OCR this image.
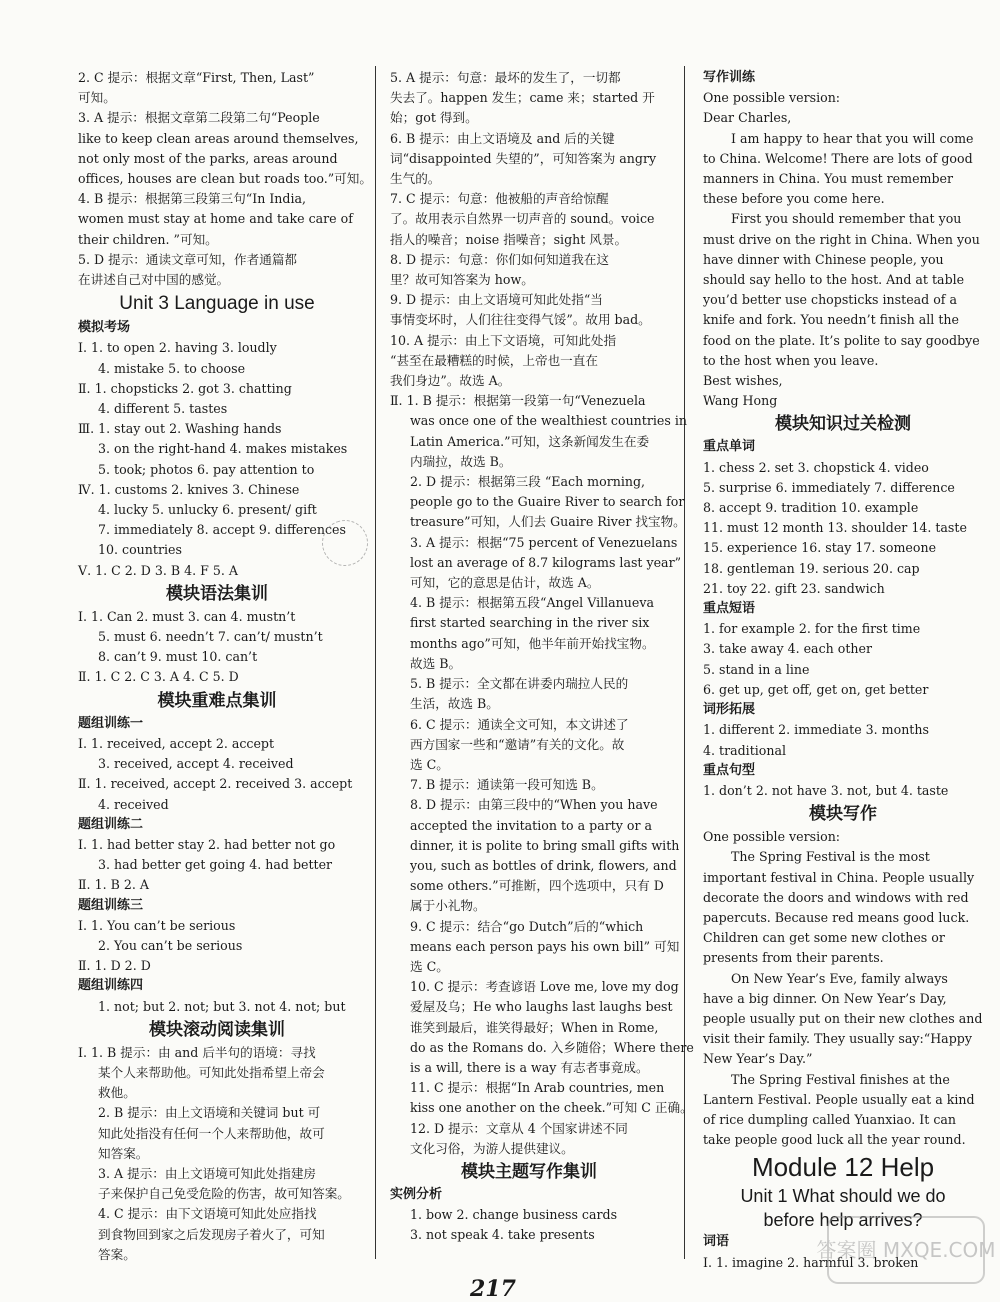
2. C 提示：根据文章“First, Then, Last”
可知。
3. A 提示：根据文章第二段第二句“People
like to keep clean areas around themselves,
not only most of the parks, areas around
offices, houses are clean but roads too.”可知。
4. B 提示：根据第三段第三句“In India,
women must stay at home and take care of
their children. ”可知。
5. D 提示：通读文章可知，作者通篇都
在讲述自己对中国的感觉。
Unit 3 Language in use
模拟考场
Ⅰ. 1. to open 2. having 3. loudly
4. mistake 5. to choose
Ⅱ. 1. chopsticks 2. got 3. chatting
4. different 5. tastes
Ⅲ. 1. stay out 2. Washing hands
3. on the right-hand 4. makes mistakes
5. took; photos 6. pay attention to
Ⅳ. 1. customs 2. knives 3. Chinese
4. lucky 5. unlucky 6. present/ gift
7. immediately 8. accept 9. differences
10. countries
Ⅴ. 1. C 2. D 3. B 4. F 5. A
模块语法集训
Ⅰ. 1. Can 2. must 3. can 4. mustn’t
5. must 6. needn’t 7. can’t/ mustn’t
8. can’t 9. must 10. can’t
Ⅱ. 1. C 2. C 3. A 4. C 5. D
模块重难点集训
题组训练一
Ⅰ. 1. received, accept 2. accept
3. received, accept 4. received
Ⅱ. 1. received, accept 2. received 3. accept
4. received
题组训练二
Ⅰ. 1. had better stay 2. had better not go
3. had better get going 4. had better
Ⅱ. 1. B 2. A
题组训练三
Ⅰ. 1. You can’t be serious
2. You can’t be serious
Ⅱ. 1. D 2. D
题组训练四
1. not; but 2. not; but 3. not 4. not; but
模块滚动阅读集训
Ⅰ. 1. B 提示：由 and 后半句的语境：寻找
某个人来帮助他。可知此处指希望上帝会
救他。
2. B 提示：由上文语境和关键词 but 可
知此处指没有任何一个人来帮助他，故可
知答案。
3. A 提示：由上文语境可知此处指建房
子来保护自己免受危险的伤害，故可知答案。
4. C 提示：由下文语境可知此处应指找
到食物回到家之后发现房子着火了，可知
答案。
5. A 提示：句意：最坏的发生了，一切都
失去了。happen 发生；came 来；started 开
始；got 得到。
6. B 提示：由上文语境及 and 后的关键
词“disappointed 失望的”，可知答案为 angry
生气的。
7. C 提示：句意：他被船的声音给惊醒
了。故用表示自然界一切声音的 sound。voice
指人的噪音；noise 指噪音；sight 风景。
8. D 提示：句意：你们如何知道我在这
里？故可知答案为 how。
9. D 提示：由上文语境可知此处指“当
事情变坏时，人们往往变得气馁”。故用 bad。
10. A 提示：由上下文语境，可知此处指
“甚至在最糟糕的时候，上帝也一直在
我们身边”。故选 A。
Ⅱ. 1. B 提示：根据第一段第一句“Venezuela
was once one of the wealthiest countries in
Latin America.”可知，这条新闻发生在委
内瑞拉，故选 B。
2. D 提示：根据第三段 “Each morning,
people go to the Guaire River to search for
treasure”可知，人们去 Guaire River 找宝物。
3. A 提示：根据“75 percent of Venezuelans
lost an average of 8.7 kilograms last year”
可知，它的意思是估计，故选 A。
4. B 提示：根据第五段“Angel Villanueva
first started searching in the river six
months ago”可知，他半年前开始找宝物。
故选 B。
5. B 提示：全文都在讲委内瑞拉人民的
生活，故选 B。
6. C 提示：通读全文可知，本文讲述了
西方国家一些和“邀请”有关的文化。故
选 C。
7. B 提示：通读第一段可知选 B。
8. D 提示：由第三段中的“When you have
accepted the invitation to a party or a
dinner, it is polite to bring small gifts with
you, such as bottles of drink, flowers, and
some others.”可推断，四个选项中，只有 D
属于小礼物。
9. C 提示：结合“go Dutch”后的“which
means each person pays his own bill” 可知
选 C。
10. C 提示：考查谚语 Love me, love my dog
爱屋及乌；He who laughs last laughs best
谁笑到最后，谁笑得最好；When in Rome,
do as the Romans do. 入乡随俗；Where there
is a will, there is a way 有志者事竟成。
11. C 提示：根据“In Arab countries, men
kiss one another on the cheek.”可知 C 正确。
12. D 提示：文章从 4 个国家讲述不同
文化习俗，为游人提供建议。
模块主题写作集训
实例分析
1. bow 2. change business cards
3. not speak 4. take presents
写作训练
One possible version:
Dear Charles,
I am happy to hear that you will come
to China. Welcome! There are lots of good
manners in China. You must remember
these before you come here.
First you should remember that you
must drive on the right in China. When you
have dinner with Chinese people, you
should say hello to the host. And at table
you’d better use chopsticks instead of a
knife and fork. You needn’t finish all the
food on the plate. It’s polite to say goodbye
to the host when you leave.
Best wishes,
Wang Hong
模块知识过关检测
重点单词
1. chess 2. set 3. chopstick 4. video
5. surprise 6. immediately 7. difference
8. accept 9. tradition 10. example
11. must 12 month 13. shoulder 14. taste
15. experience 16. stay 17. someone
18. gentleman 19. serious 20. cap
21. toy 22. gift 23. sandwich
重点短语
1. for example 2. for the first time
3. take away 4. each other
5. stand in a line
6. get up, get off, get on, get better
词形拓展
1. different 2. immediate 3. months
4. traditional
重点句型
1. don’t 2. not have 3. not, but 4. taste
模块写作
One possible version:
The Spring Festival is the most
important festival in China. People usually
decorate the doors and windows with red
papercuts. Because red means good luck.
Children can get some new clothes or
presents from their parents.
On New Year’s Eve, family always
have a big dinner. On New Year’s Day,
people usually put on their new clothes and
visit their family. They usually say:“Happy
New Year’s Day.”
The Spring Festival finishes at the
Lantern Festival. People usually eat a kind
of rice dumpling called Yuanxiao. It can
take people good luck all the year round.
Module 12 Help
Unit 1 What should we do
before help arrives?
词语
Ⅰ. 1. imagine 2. harmful 3. broken
217
答案圈 MXQE.COM
